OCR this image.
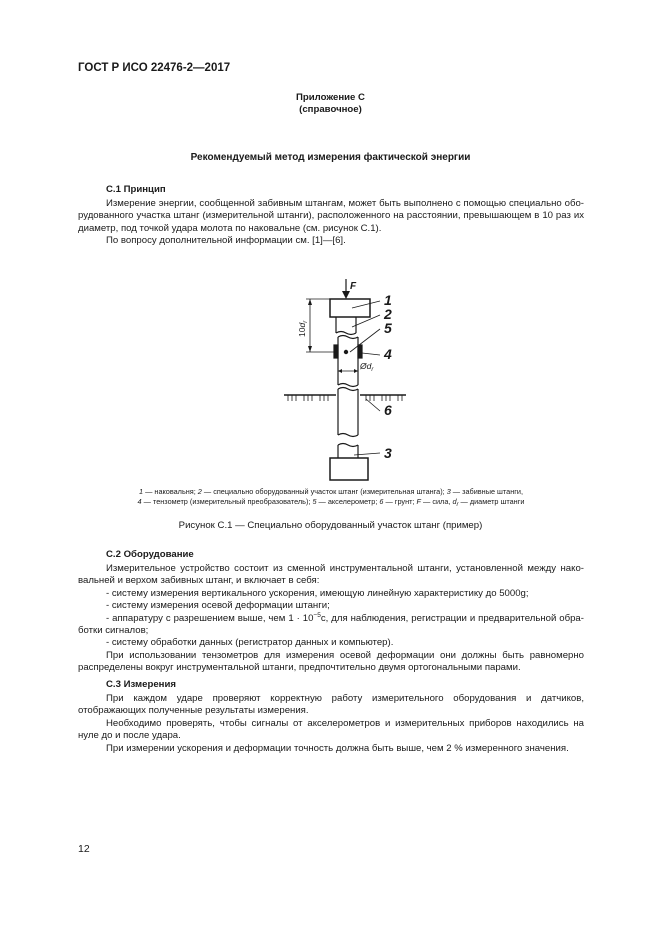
ГОСТ Р ИСО 22476-2—2017
Приложение С
(справочное)
Рекомендуемый метод измерения фактической энергии
С.1 Принцип

Измерение энергии, сообщенной забивным штангам, может быть выполнено с помощью специально оборудованного участка штанг (измерительной штанги), расположенного на расстоянии, превышающем в 10 раз их диаметр, под точкой удара молота по наковальне (см. рисунок С.1).

По вопросу дополнительной информации см. [1]—[6].

F
1
2
5
4
6
3
$Ød_r$
$10d_r$
1 — наковальня; 2 — специально оборудованный участок штанг (измерительная штанга); 3 — забивные штанги,
4 — тензометр (измерительный преобразователь); 5 — акселерометр; 6 — грунт; F — сила, $d_r$ — диаметр штанги
Рисунок С.1 — Специально оборудованный участок штанг (пример)
С.2 Оборудование

Измерительное устройство состоит из сменной инструментальной штанги, установленной между наковальней и верхом забивных штанг, и включает в себя:

- систему измерения вертикального ускорения, имеющую линейную характеристику до 5000g;

- систему измерения осевой деформации штанги;

- аппаратуру с разрешением выше, чем $1 \cdot 10^{-5}с$, для наблюдения, регистрации и предварительной обработки сигналов;

- систему обработки данных (регистратор данных и компьютер).

При использовании тензометров для измерения осевой деформации они должны быть равномерно распределены вокруг инструментальной штанги, предпочтительно двумя ортогональными парами.

С.3 Измерения

При каждом ударе проверяют корректную работу измерительного оборудования и датчиков, отображающих полученные результаты измерения.

Необходимо проверять, чтобы сигналы от акселерометров и измерительных приборов находились на нуле до и после удара.

При измерении ускорения и деформации точность должна быть выше, чем 2 % измеренного значения.

12
